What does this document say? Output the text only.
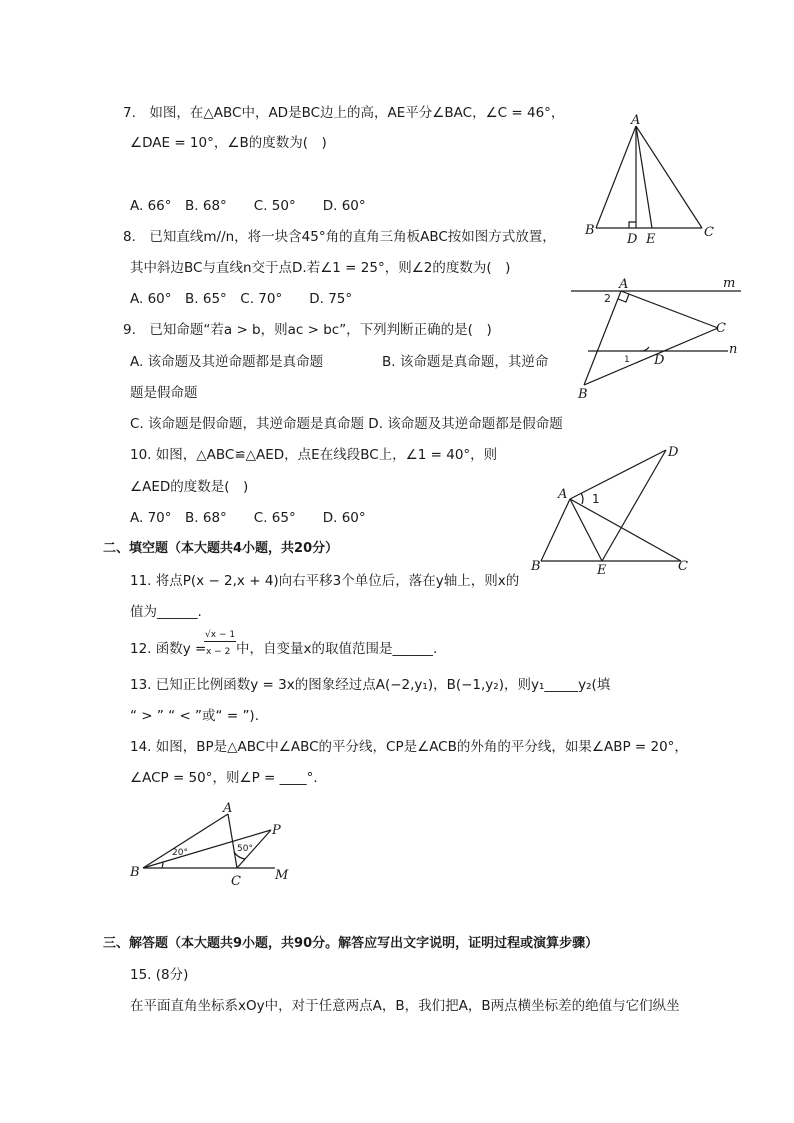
7.　如图，在△ABC中，AD是BC边上的高，AE平分∠BAC，∠C = 46°，
∠DAE = 10°，∠B的度数为(　)
A. 66°　B. 68°　　C. 50°　　D. 60°
A
B	C
D E
8.　已知直线m//n，将一块含45°角的直角三角板ABC按如图方式放置，
其中斜边BC与直线n交于点D.若∠1 = 25°，则∠2的度数为(　)
A. 60°　B. 65°　C. 70°　　D. 75°
A
B
C
D
m
n
1
2
9.　已知命题“若a > b，则ac > bc”，下列判断正确的是(　)
A. 该命题及其逆命题都是真命题	B. 该命题是真命题，其逆命
题是假命题
C. 该命题是假命题，其逆命题是真命题 D. 该命题及其逆命题都是假命题
10. 如图，△ABC≌△AED，点E在线段BC上，∠1 = 40°，则
∠AED的度数是(　)
A. 70°　B. 68°　　C. 65°　　D. 60°
A
B	C
D
E
1
二、填空题（本大题共4小题，共20分）
11. 将点P(x − 2,x + 4)向右平移3个单位后，落在y轴上，则x的
值为______.
12. 函数y =
√x − 1
x − 2 中，自变量x的取值范围是______.
13. 已知正比例函数y = 3x的图象经过点A(−2,y₁)，B(−1,y₂)，则y₁_____y₂(填
“ > ” “ < ”或“ = ”).
14. 如图，BP是△ABC中∠ABC的平分线，CP是∠ACB的外角的平分线，如果∠ABP = 20°，
∠ACP = 50°，则∠P = ____°.
A
B
C
P
M
20°	50°
三、解答题（本大题共9小题，共90分。解答应写出文字说明，证明过程或演算步骤）
15. (8分)
在平面直角坐标系xOy中，对于任意两点A，B，我们把A，B两点横坐标差的绝值与它们纵坐
